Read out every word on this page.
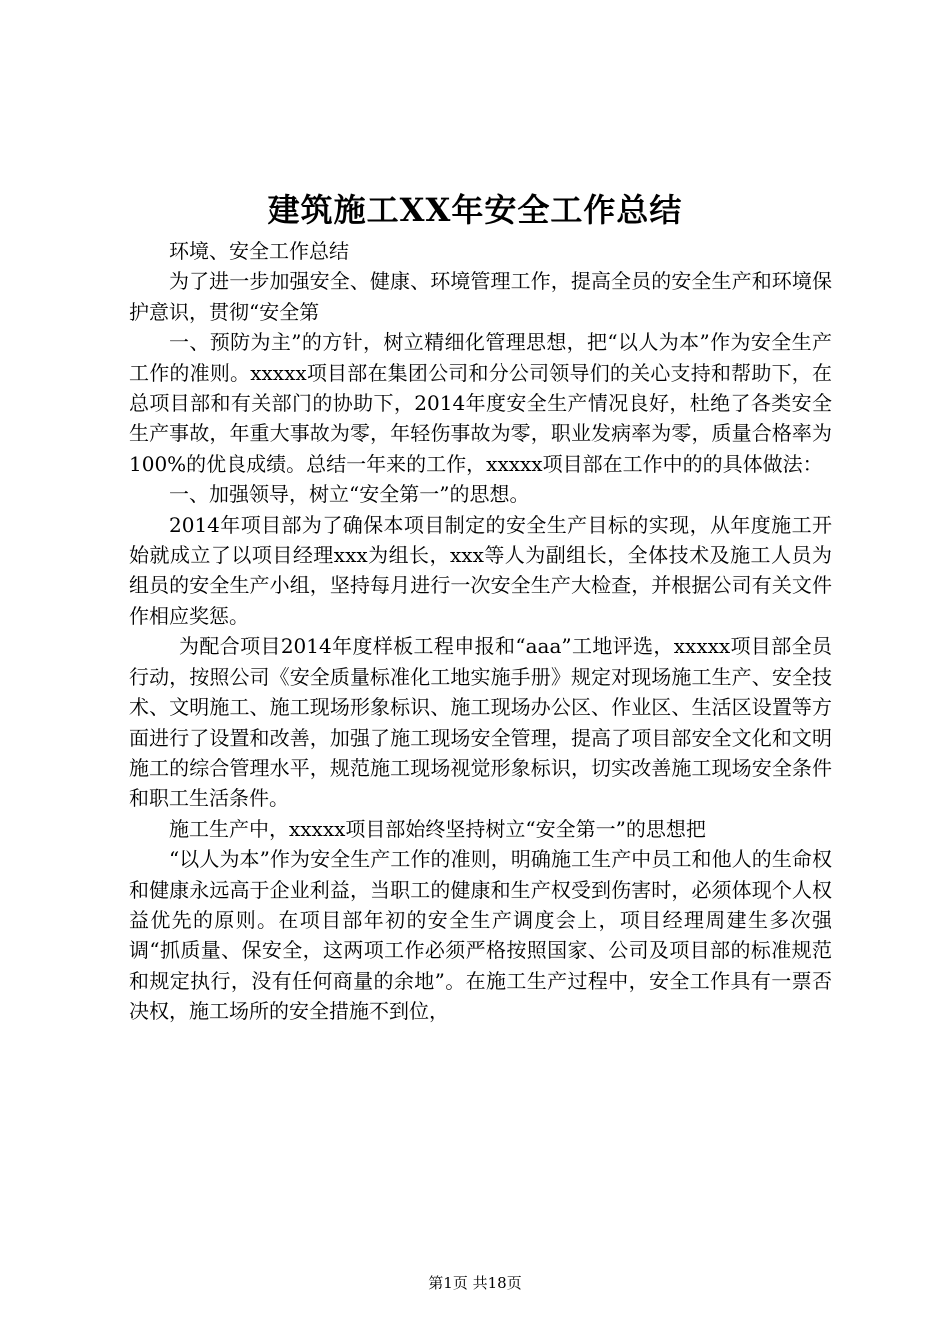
建筑施工XX年安全工作总结

环境、安全工作总结

为了进一步加强安全、健康、环境管理工作，提高全员的安全生产和环境保护意识，贯彻“安全第

一、预防为主”的方针，树立精细化管理思想，把“以人为本”作为安全生产工作的准则。xxxxx项目部在集团公司和分公司领导们的关心支持和帮助下，在总项目部和有关部门的协助下，2014年度安全生产情况良好，杜绝了各类安全生产事故，年重大事故为零，年轻伤事故为零，职业发病率为零，质量合格率为100%的优良成绩。总结一年来的工作，xxxxx项目部在工作中的的具体做法：

一、加强领导，树立“安全第一”的思想。

2014年项目部为了确保本项目制定的安全生产目标的实现，从年度施工开始就成立了以项目经理xxx为组长，xxx等人为副组长，全体技术及施工人员为组员的安全生产小组，坚持每月进行一次安全生产大检查，并根据公司有关文件作相应奖惩。

为配合项目2014年度样板工程申报和“aaa”工地评选，xxxxx项目部全员行动，按照公司《安全质量标准化工地实施手册》规定对现场施工生产、安全技术、文明施工、施工现场形象标识、施工现场办公区、作业区、生活区设置等方面进行了设置和改善，加强了施工现场安全管理，提高了项目部安全文化和文明施工的综合管理水平，规范施工现场视觉形象标识，切实改善施工现场安全条件和职工生活条件。

施工生产中，xxxxx项目部始终坚持树立“安全第一”的思想把

“以人为本”作为安全生产工作的准则，明确施工生产中员工和他人的生命权和健康永远高于企业利益，当职工的健康和生产权受到伤害时，必须体现个人权益优先的原则。在项目部年初的安全生产调度会上，项目经理周建生多次强调“抓质量、保安全，这两项工作必须严格按照国家、公司及项目部的标准规范和规定执行，没有任何商量的余地”。在施工生产过程中，安全工作具有一票否决权，施工场所的安全措施不到位，

第1页 共18页
